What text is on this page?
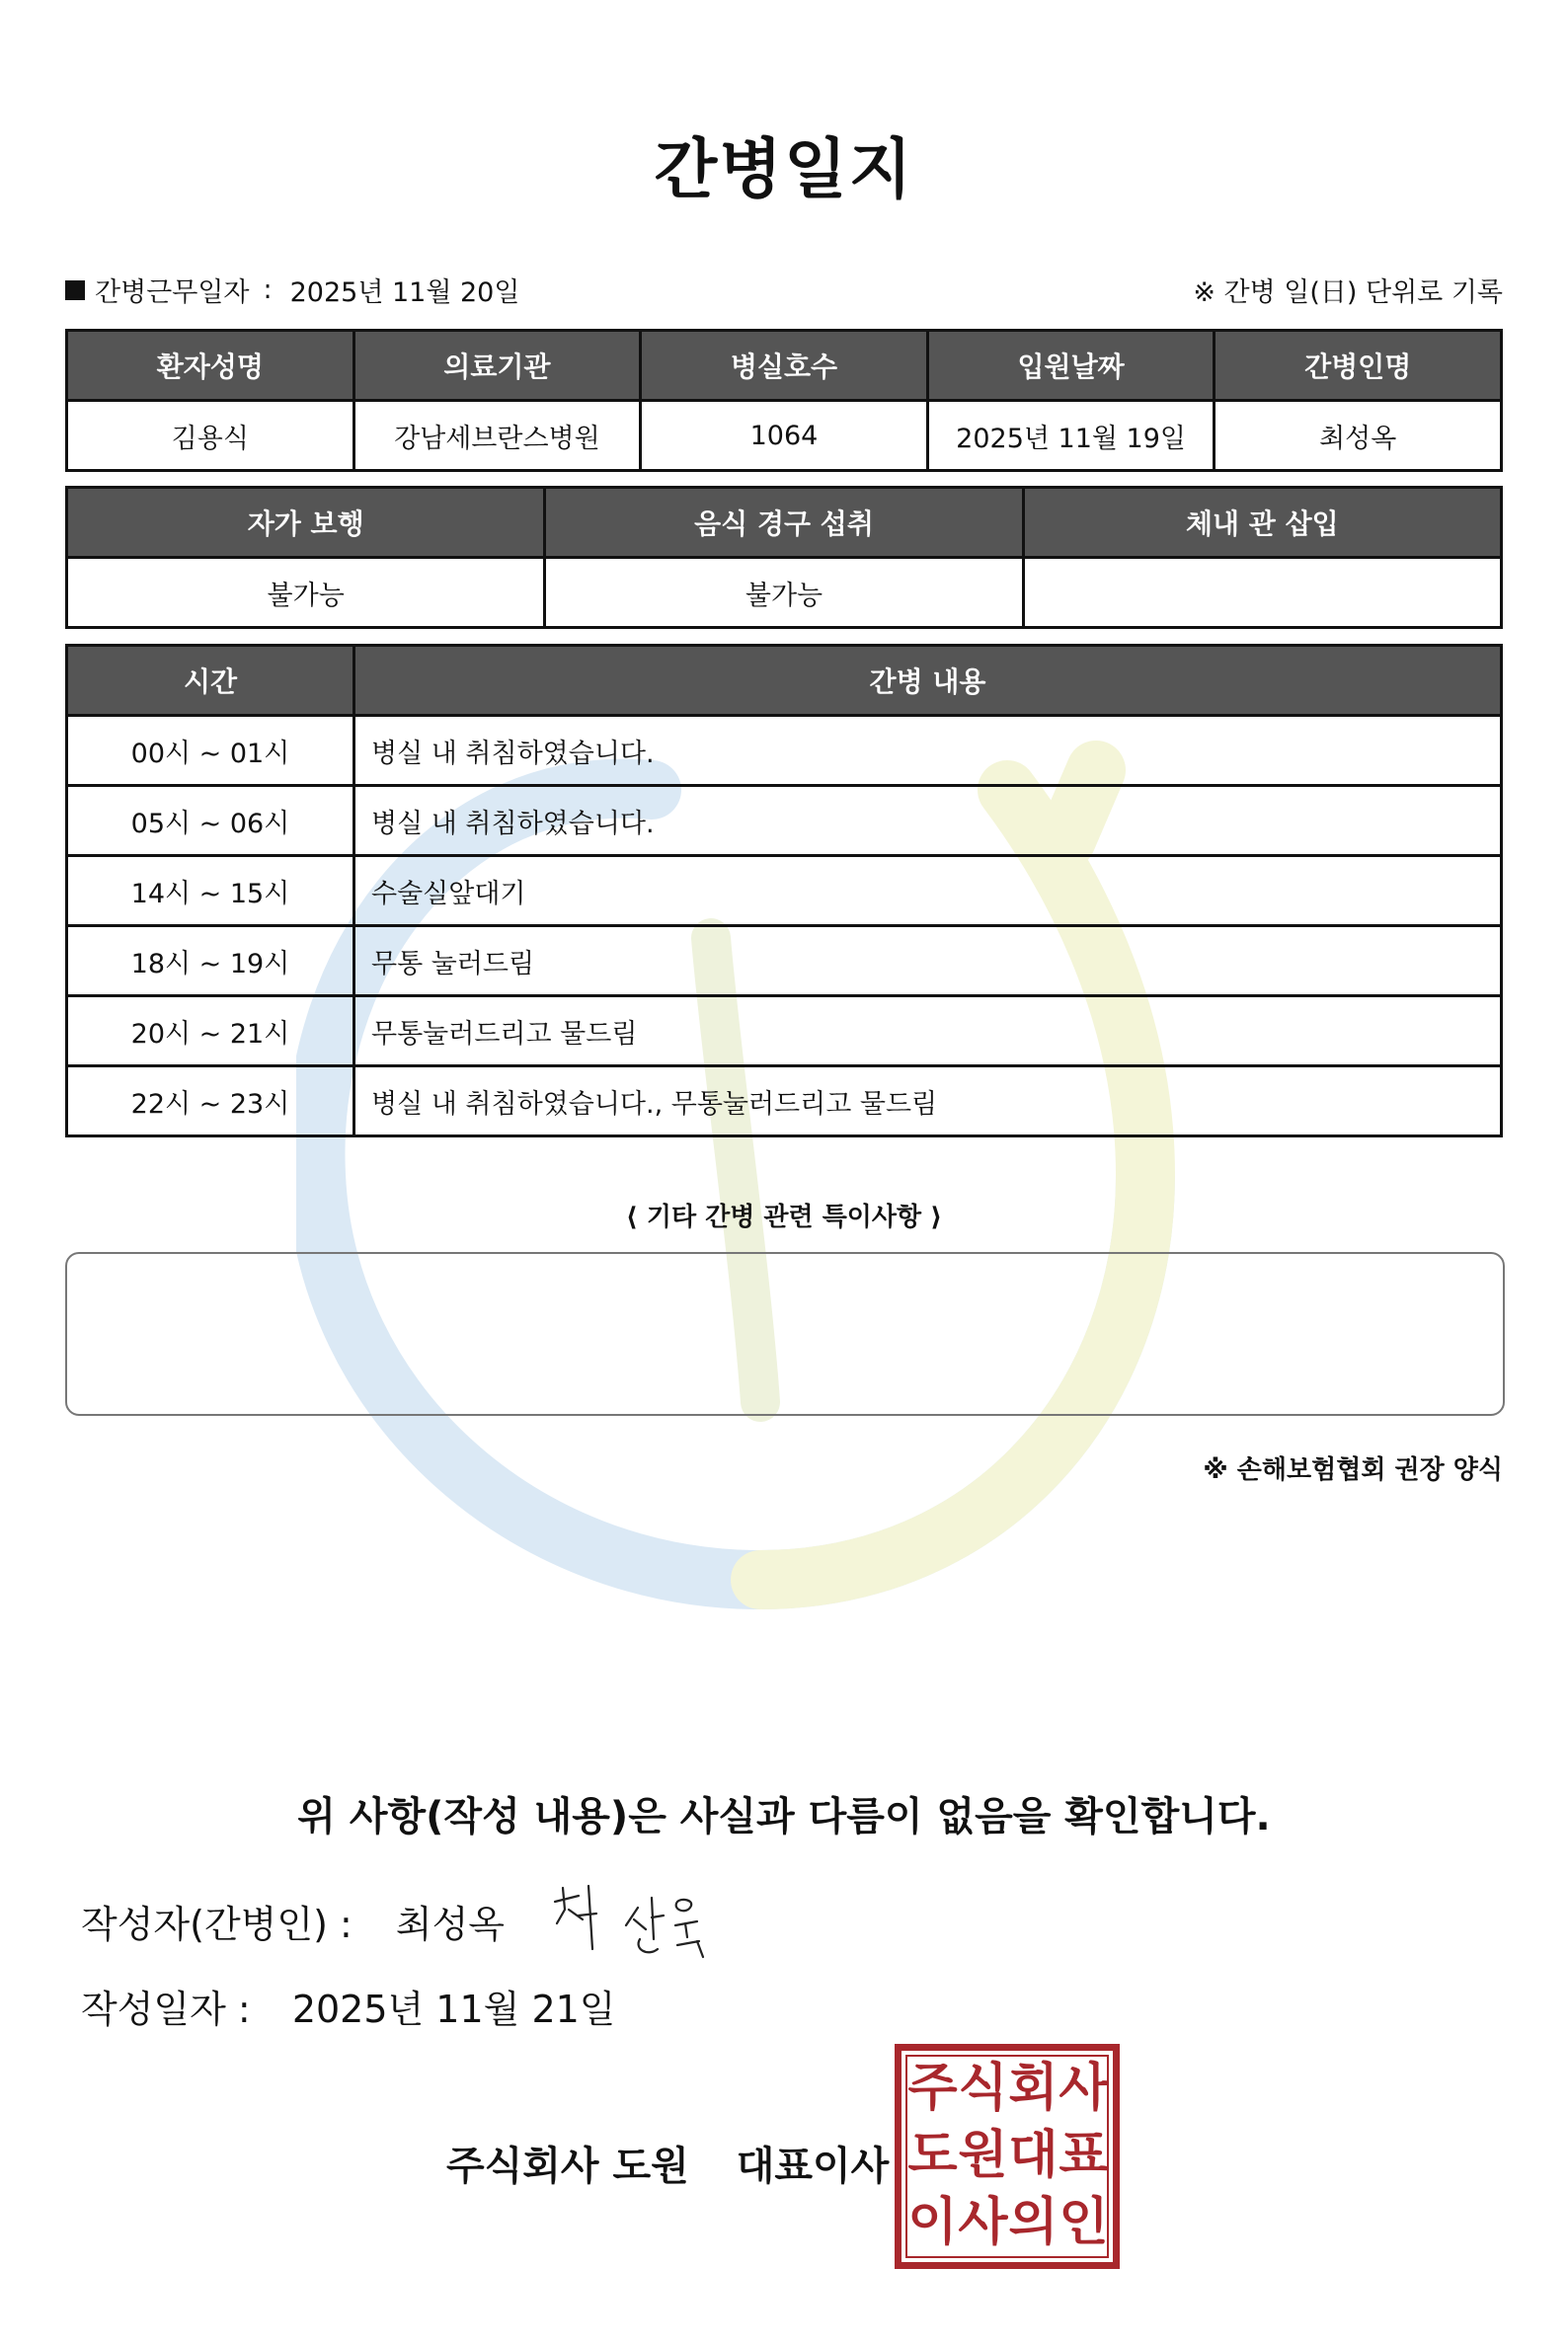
간병일지
간병근무일자 : 2025년 11월 20일	※ 간병 일(日) 단위로 기록
환자성명	의료기관	병실호수	입원날짜	간병인명
김용식	강남세브란스병원	1064	2025년 11월 19일	최성옥
자가 보행	음식 경구 섭취	체내 관 삽입
불가능	불가능	
시간	간병 내용
00시 ~ 01시	병실 내 취침하였습니다.
05시 ~ 06시	병실 내 취침하였습니다.
14시 ~ 15시	수술실앞대기
18시 ~ 19시	무통 눌러드림
20시 ~ 21시	무통눌러드리고 물드림
22시 ~ 23시	병실 내 취침하였습니다., 무통눌러드리고 물드림
⟨ 기타 간병 관련 특이사항 ⟩
※ 손해보험협회 권장 양식
위 사항(작성 내용)은 사실과 다름이 없음을 확인합니다.
작성자(간병인) : 최성옥
작성일자 : 2025년 11월 21일
주식회사 도원 대표이사
주 식 회 사
도 원 대 표
이 사 의 인
